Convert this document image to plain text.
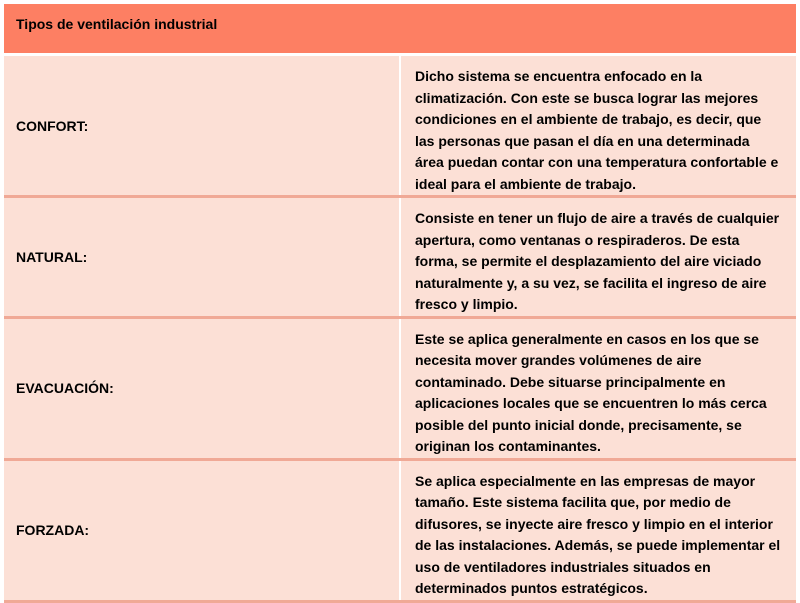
Tipos de ventilación industrial	

CONFORT:	Dicho sistema se encuentra enfocado en la climatización. Con este se busca lograr las mejores condiciones en el ambiente de trabajo, es decir, que las personas que pasan el día en una determinada área puedan contar con una temperatura confortable e ideal para el ambiente de trabajo.

NATURAL:	Consiste en tener un flujo de aire a través de cualquier apertura, como ventanas o respiraderos. De esta forma, se permite el desplazamiento del aire viciado naturalmente y, a su vez, se facilita el ingreso de aire fresco y limpio.

EVACUACIÓN:	Este se aplica generalmente en casos en los que se necesita mover grandes volúmenes de aire contaminado. Debe situarse principalmente en aplicaciones locales que se encuentren lo más cerca posible del punto inicial donde, precisamente, se originan los contaminantes.

FORZADA:	Se aplica especialmente en las empresas de mayor tamaño. Este sistema facilita que, por medio de difusores, se inyecte aire fresco y limpio en el interior de las instalaciones. Además, se puede implementar el uso de ventiladores industriales situados en determinados puntos estratégicos.
